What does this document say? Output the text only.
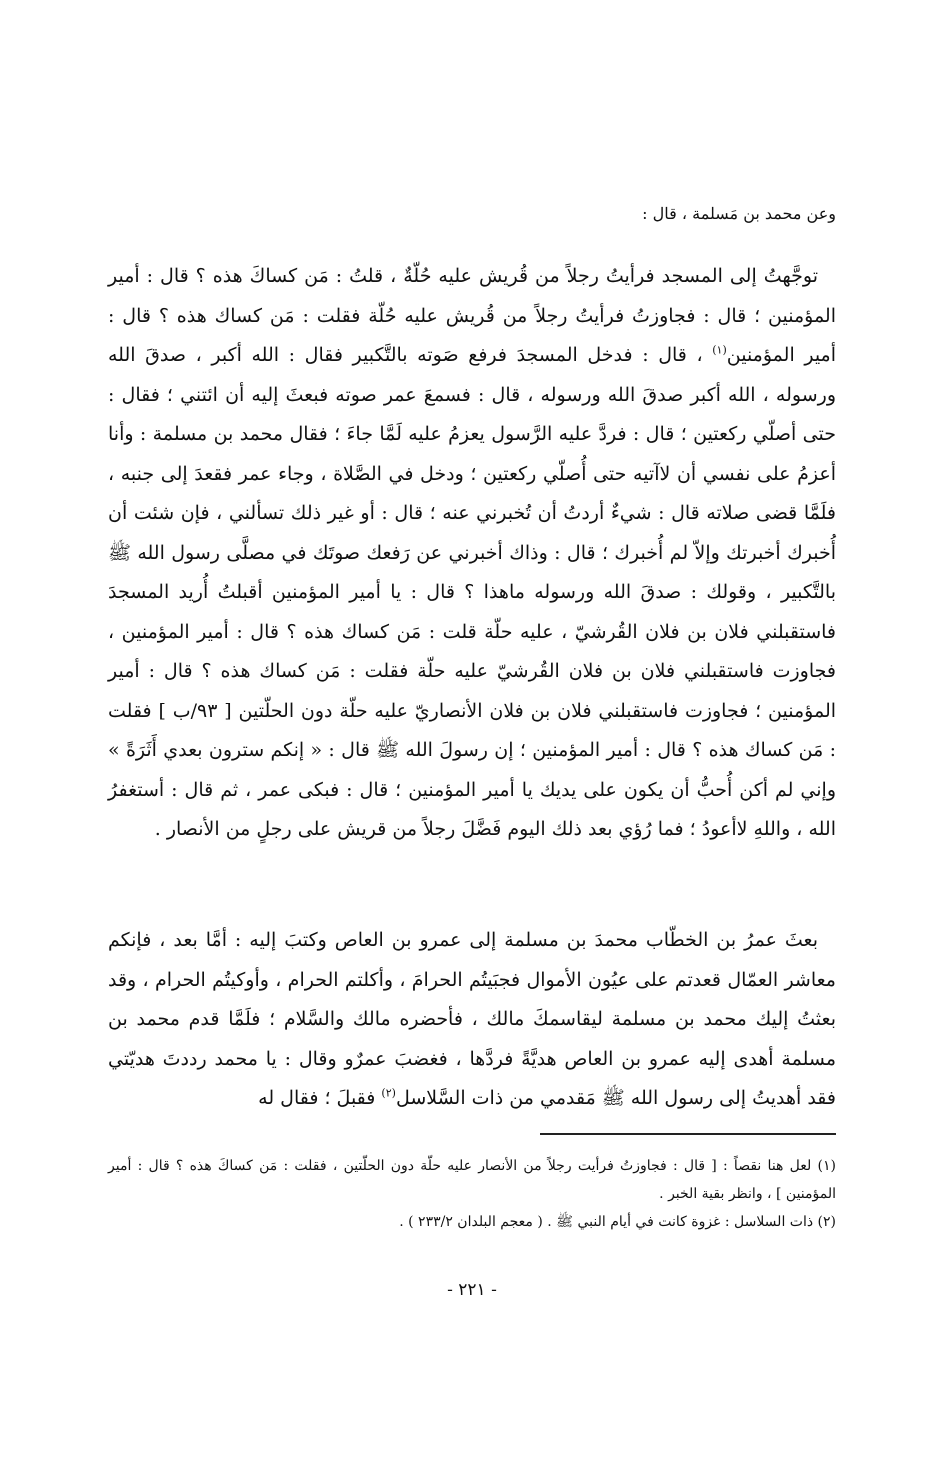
وعن محمد بن مَسلمة ، قال :

توجَّهتُ إلى المسجد فرأيتُ رجلاً من قُريش عليه حُلّةٌ ، قلتُ : مَن كساكَ هذه ؟ قال : أمير المؤمنين ؛ قال : فجاوزتُ فرأيتُ رجلاً من قُريش عليه حُلّة فقلت : مَن كساك هذه ؟ قال : أمير المؤمنين$^{(١)}$ ، قال : فدخل المسجدَ فرفع صَوته بالتَّكبير فقال : الله أكبر ، صدقَ الله ورسوله ، الله أكبر صدقَ الله ورسوله ، قال : فسمعَ عمر صوته فبعثَ إليه أن ائتني ؛ فقال : حتى أصلّي ركعتين ؛ قال : فردَّ عليه الرَّسول يعزمُ عليه لَمَّا جاءَ ؛ فقال محمد بن مسلمة : وأنا أعزمُ على نفسي أن لاآتيه حتى أُصلّي ركعتين ؛ ودخل في الصَّلاة ، وجاء عمر فقعدَ إلى جنبه ، فلَمَّا قضى صلاته قال : شيءٌ أردتُ أن تُخبرني عنه ؛ قال : أو غير ذلك تسألني ، فإن شئت أن أُخبرك أخبرتك وإلاّ لم أُخبرك ؛ قال : وذاك أخبرني عن رَفعك صوتَك في مصلَّى رسول الله ﷺ بالتَّكبير ، وقولك : صدقَ الله ورسوله ماهذا ؟ قال : يا أمير المؤمنين أقبلتُ أُريد المسجدَ فاستقبلني فلان بن فلان القُرشيّ ، عليه حلّة قلت : مَن كساك هذه ؟ قال : أمير المؤمنين ، فجاوزت فاستقبلني فلان بن فلان القُرشيّ عليه حلّة فقلت : مَن كساك هذه ؟ قال : أمير المؤمنين ؛ فجاوزت فاستقبلني فلان بن فلان الأنصاريّ عليه حلّة دون الحلّتين [ ٩٣/ب ] فقلت : مَن كساك هذه ؟ قال : أمير المؤمنين ؛ إن رسولَ الله ﷺ قال : « إنكم سترون بعدي أَثَرَةً » وإني لم أكن أُحبُّ أن يكون على يديك يا أمير المؤمنين ؛ قال : فبكى عمر ، ثم قال : أستغفرُ الله ، واللهِ لاأعودُ ؛ فما رُؤي بعد ذلك اليوم فَضَّلَ رجلاً من قريش على رجلٍ من الأنصار .

بعثَ عمرُ بن الخطّاب محمدَ بن مسلمة إلى عمرو بن العاص وكتبَ إليه : أمَّا بعد ، فإنكم معاشر العمّال قعدتم على عيُون الأموال فجبَيتُم الحرامَ ، وأكلتم الحرام ، وأوكيتُم الحرام ، وقد بعثتُ إليك محمد بن مسلمة ليقاسمكَ مالك ، فأحضره مالك والسَّلام ؛ فلَمَّا قدم محمد بن مسلمة أهدى إليه عمرو بن العاص هديَّةً فردَّها ، فغضبَ عمرٌو وقال : يا محمد رددتَ هديّتي فقد أهديتُ إلى رسول الله ﷺ مَقدمي من ذات السَّلاسل$^{(٢)}$ فقبلَ ؛ فقال له

(١) لعل هنا نقصاً : [ قال : فجاوزتُ فرأيت رجلاً من الأنصار عليه حلّة دون الحلّتين ، فقلت : مَن كساكَ هذه ؟ قال : أمير المؤمنين ] ، وانظر بقية الخبر .

(٢) ذات السلاسل : غزوة كانت في أيام النبي ﷺ . ( معجم البلدان ٢٣٣/٢ ) .

- ٢٢١ -
